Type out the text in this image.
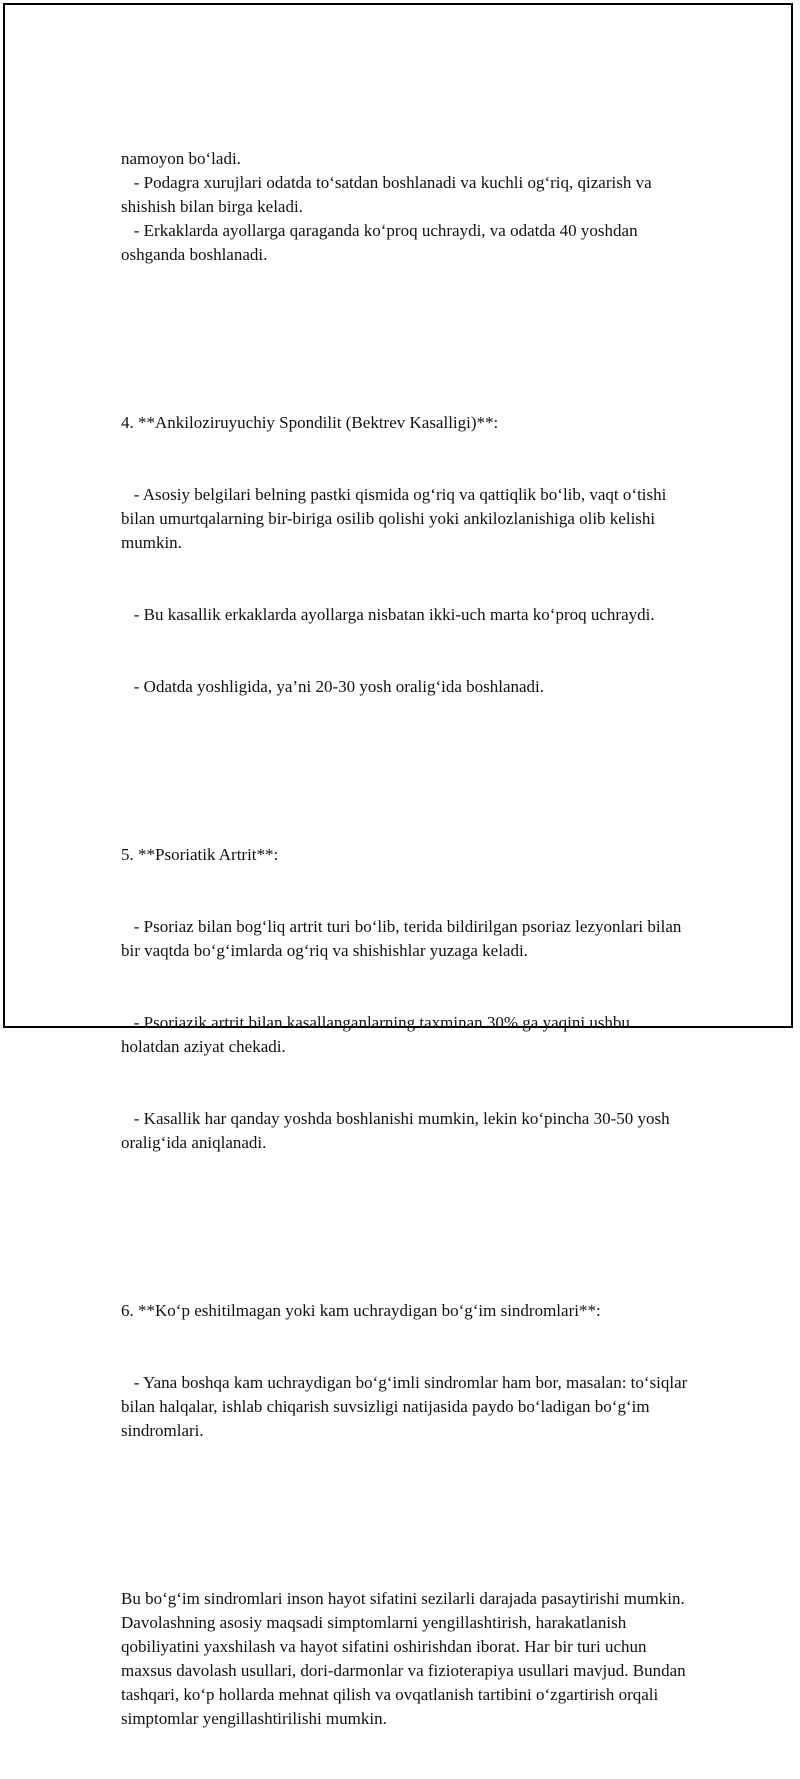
namoyon boʻladi.
- Podagra xurujlari odatda toʻsatdan boshlanadi va kuchli ogʻriq, qizarish va shishish bilan birga keladi.
- Erkaklarda ayollarga qaraganda koʻproq uchraydi, va odatda 40 yoshdan oshganda boshlanadi.

4. **Ankiloziruyuchiy Spondilit (Bektrev Kasalligi)**:

- Asosiy belgilari belning pastki qismida ogʻriq va qattiqlik boʻlib, vaqt oʻtishi bilan umurtqalarning bir-biriga osilib qolishi yoki ankilozlanishiga olib kelishi mumkin.

- Bu kasallik erkaklarda ayollarga nisbatan ikki-uch marta koʻproq uchraydi.

- Odatda yoshligida, ya’ni 20-30 yosh oraligʻida boshlanadi.

5. **Psoriatik Artrit**:

- Psoriaz bilan bogʻliq artrit turi boʻlib, terida bildirilgan psoriaz lezyonlari bilan bir vaqtda boʻgʻimlarda ogʻriq va shishishlar yuzaga keladi.

- Psoriazik artrit bilan kasallanganlarning taxminan 30% ga yaqini ushbu holatdan aziyat chekadi.

- Kasallik har qanday yoshda boshlanishi mumkin, lekin koʻpincha 30-50 yosh oraligʻida aniqlanadi.

6. **Koʻp eshitilmagan yoki kam uchraydigan boʻgʻim sindromlari**:

- Yana boshqa kam uchraydigan boʻgʻimli sindromlar ham bor, masalan: toʻsiqlar bilan halqalar, ishlab chiqarish suvsizligi natijasida paydo boʻladigan boʻgʻim sindromlari.

Bu boʻgʻim sindromlari inson hayot sifatini sezilarli darajada pasaytirishi mumkin. Davolashning asosiy maqsadi simptomlarni yengillashtirish, harakatlanish qobiliyatini yaxshilash va hayot sifatini oshirishdan iborat. Har bir turi uchun maxsus davolash usullari, dori-darmonlar va fizioterapiya usullari mavjud. Bundan tashqari, koʻp hollarda mehnat qilish va ovqatlanish tartibini oʻzgartirish orqali simptomlar yengillashtirilishi mumkin.
